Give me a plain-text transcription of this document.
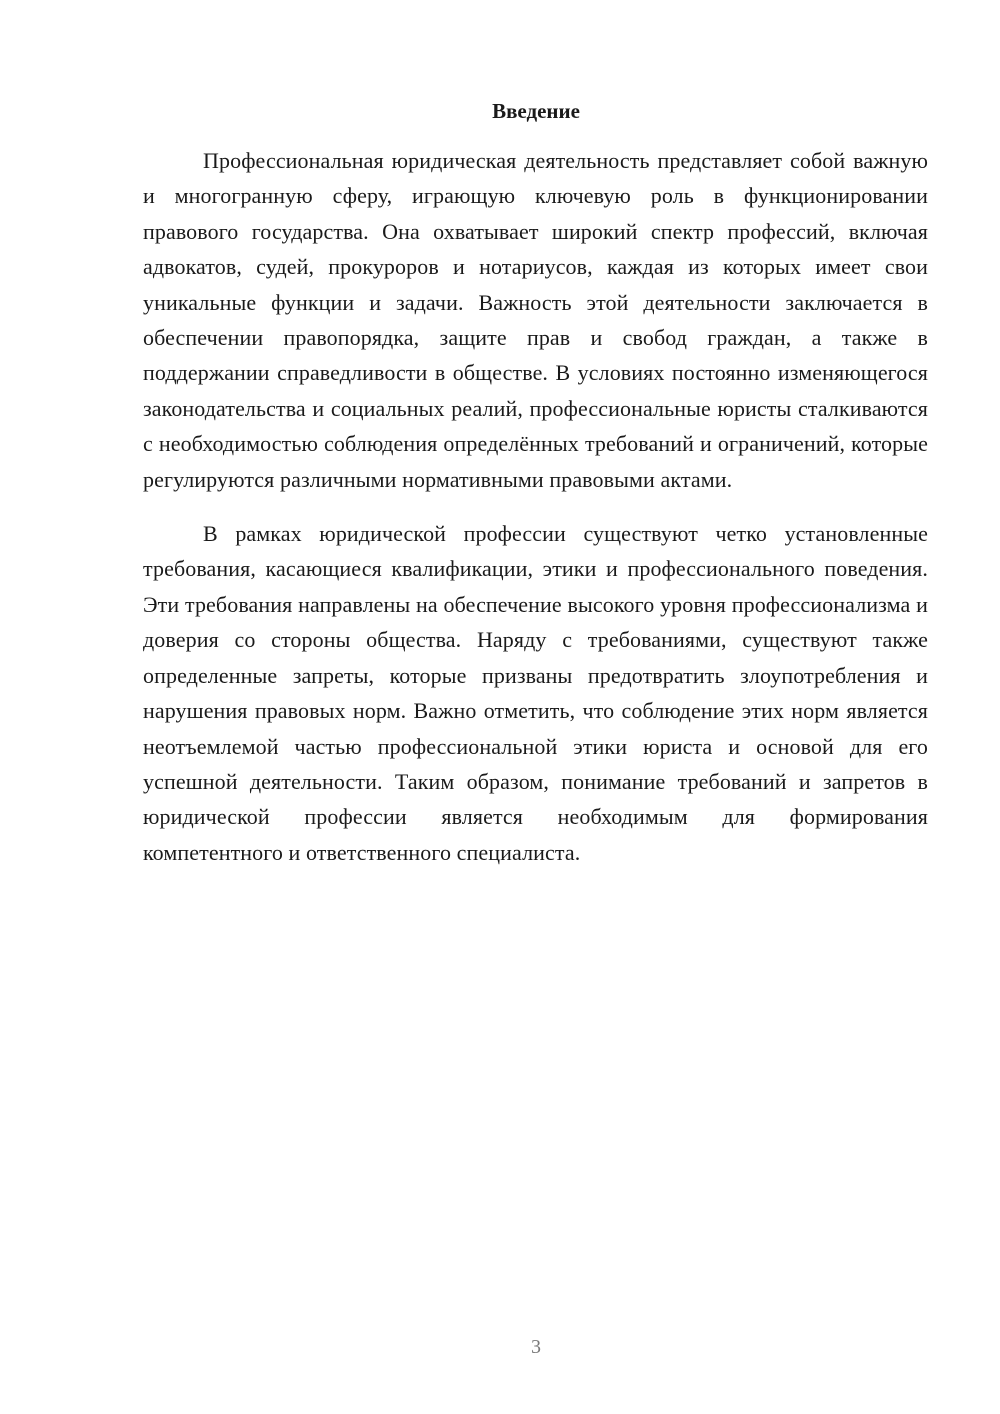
Введение

Профессиональная юридическая деятельность представляет собой важную и многогранную сферу, играющую ключевую роль в функционировании правового государства. Она охватывает широкий спектр профессий, включая адвокатов, судей, прокуроров и нотариусов, каждая из которых имеет свои уникальные функции и задачи. Важность этой деятельности заключается в обеспечении правопорядка, защите прав и свобод граждан, а также в поддержании справедливости в обществе. В условиях постоянно изменяющегося законодательства и социальных реалий, профессиональные юристы сталкиваются с необходимостью соблюдения определённых требований и ограничений, которые регулируются различными нормативными правовыми актами.

В рамках юридической профессии существуют четко установленные требования, касающиеся квалификации, этики и профессионального поведения. Эти требования направлены на обеспечение высокого уровня профессионализма и доверия со стороны общества. Наряду с требованиями, существуют также определенные запреты, которые призваны предотвратить злоупотребления и нарушения правовых норм. Важно отметить, что соблюдение этих норм является неотъемлемой частью профессиональной этики юриста и основой для его успешной деятельности. Таким образом, понимание требований и запретов в юридической профессии является необходимым для формирования компетентного и ответственного специалиста.

3
